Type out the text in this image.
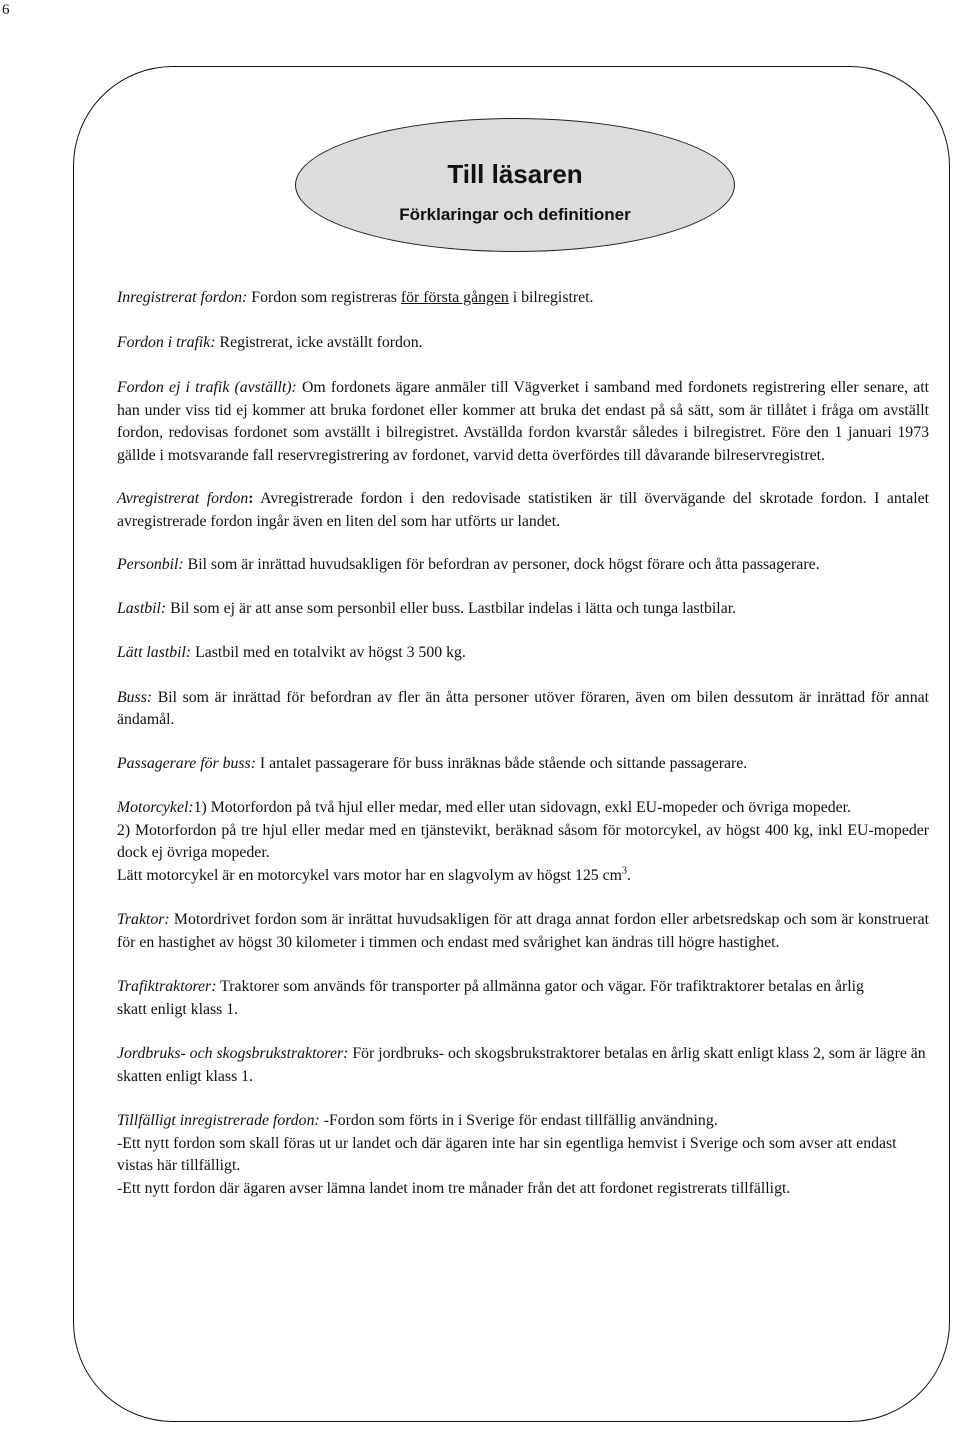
6
Till läsaren
Förklaringar och definitioner

Inregistrerat fordon: Fordon som registreras för första gången i bilregistret.

Fordon i trafik: Registrerat, icke avställt fordon.

Fordon ej i trafik (avställt): Om fordonets ägare anmäler till Vägverket i samband med fordonets registrering eller senare, att han under viss tid ej kommer att bruka fordonet eller kommer att bruka det endast på så sätt, som är tillåtet i fråga om avställt fordon, redovisas fordonet som avställt i bilregistret. Avställda fordon kvarstår således i bilregistret. Före den 1 januari 1973 gällde i motsvarande fall reservregistrering av fordonet, varvid detta överfördes till dåvarande bilreservregistret.

Avregistrerat fordon: Avregistrerade fordon i den redovisade statistiken är till övervägande del skrotade fordon. I antalet avregistrerade fordon ingår även en liten del som har utförts ur landet.

Personbil: Bil som är inrättad huvudsakligen för befordran av personer, dock högst förare och åtta passagerare.

Lastbil: Bil som ej är att anse som personbil eller buss. Lastbilar indelas i lätta och tunga lastbilar.

Lätt lastbil: Lastbil med en totalvikt av högst 3 500 kg.

Buss: Bil som är inrättad för befordran av fler än åtta personer utöver föraren, även om bilen dessutom är inrättad för annat ändamål.

Passagerare för buss: I antalet passagerare för buss inräknas både stående och sittande passagerare.

Motorcykel:1) Motorfordon på två hjul eller medar, med eller utan sidovagn, exkl EU-mopeder och övriga mopeder.

2) Motorfordon på tre hjul eller medar med en tjänstevikt, beräknad såsom för motorcykel, av högst 400 kg, inkl EU-mopeder dock ej övriga mopeder.

Lätt motorcykel är en motorcykel vars motor har en slagvolym av högst 125 $cm^3$.

Traktor: Motordrivet fordon som är inrättat huvudsakligen för att draga annat fordon eller arbetsredskap och som är konstruerat för en hastighet av högst 30 kilometer i timmen och endast med svårighet kan ändras till högre hastighet.

Trafiktraktorer: Traktorer som används för transporter på allmänna gator och vägar. För trafiktraktorer betalas en årlig skatt enligt klass 1.

Jordbruks- och skogsbrukstraktorer: För jordbruks- och skogsbrukstraktorer betalas en årlig skatt enligt klass 2, som är lägre än skatten enligt klass 1.

Tillfälligt inregistrerade fordon: -Fordon som förts in i Sverige för endast tillfällig användning.

-Ett nytt fordon som skall föras ut ur landet och där ägaren inte har sin egentliga hemvist i Sverige och som avser att endast vistas här tillfälligt.

-Ett nytt fordon där ägaren avser lämna landet inom tre månader från det att fordonet registrerats tillfälligt.
